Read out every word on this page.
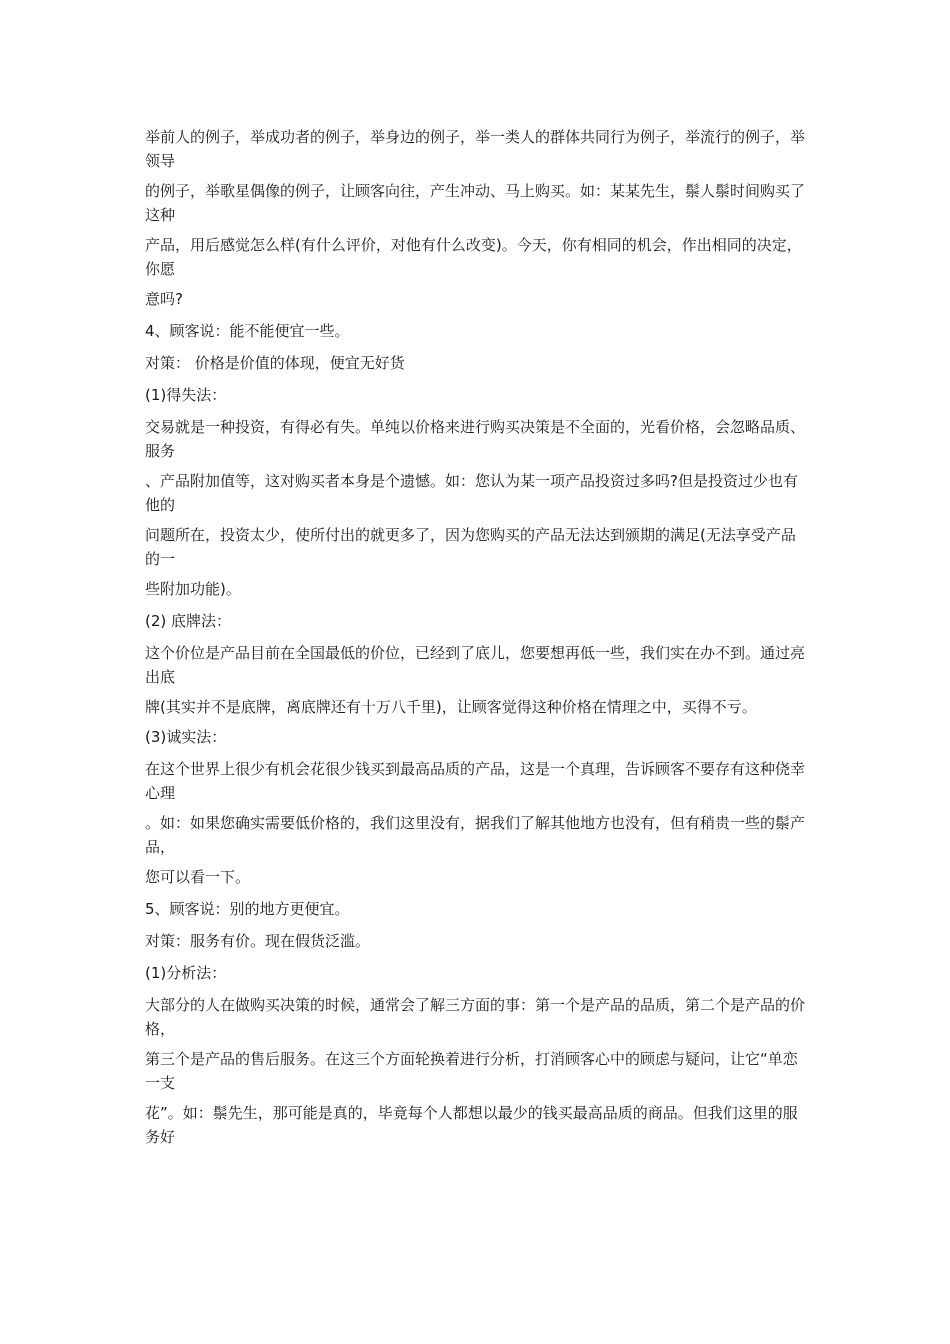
举前人的例子，举成功者的例子，举身边的例子，举一类人的群体共同行为例子，举流行的例子，举领导

的例子，举歌星偶像的例子，让顾客向往，产生冲动、马上购买。如：某某先生，鬃人鬃时间购买了这种

产品，用后感觉怎么样(有什么评价，对他有什么改变)。今天，你有相同的机会，作出相同的决定，你愿

意吗?

4、顾客说：能不能便宜一些。

对策： 价格是价值的体现，便宜无好货

(1)得失法：

交易就是一种投资，有得必有失。单纯以价格来进行购买决策是不全面的，光看价格，会忽略品质、服务

、产品附加值等，这对购买者本身是个遗憾。如：您认为某一项产品投资过多吗?但是投资过少也有他的

问题所在，投资太少，使所付出的就更多了，因为您购买的产品无法达到颁期的满足(无法享受产品的一

些附加功能)。

(2) 底牌法：

这个价位是产品目前在全国最低的价位，已经到了底儿，您要想再低一些，我们实在办不到。通过亮出底

牌(其实并不是底牌，离底牌还有十万八千里)，让顾客觉得这种价格在情理之中，买得不亏。

(3)诚实法：

在这个世界上很少有机会花很少钱买到最高品质的产品，这是一个真理，告诉顾客不要存有这种侥幸心理

。如：如果您确实需要低价格的，我们这里没有，据我们了解其他地方也没有，但有稍贵一些的鬃产品，

您可以看一下。

5、顾客说：别的地方更便宜。

对策：服务有价。现在假货泛滥。

(1)分析法：

大部分的人在做购买决策的时候，通常会了解三方面的事：第一个是产品的品质，第二个是产品的价格，

第三个是产品的售后服务。在这三个方面轮换着进行分析，打消顾客心中的顾虑与疑问，让它“单恋一支

花”。如：鬃先生，那可能是真的，毕竟每个人都想以最少的钱买最高品质的商品。但我们这里的服务好
